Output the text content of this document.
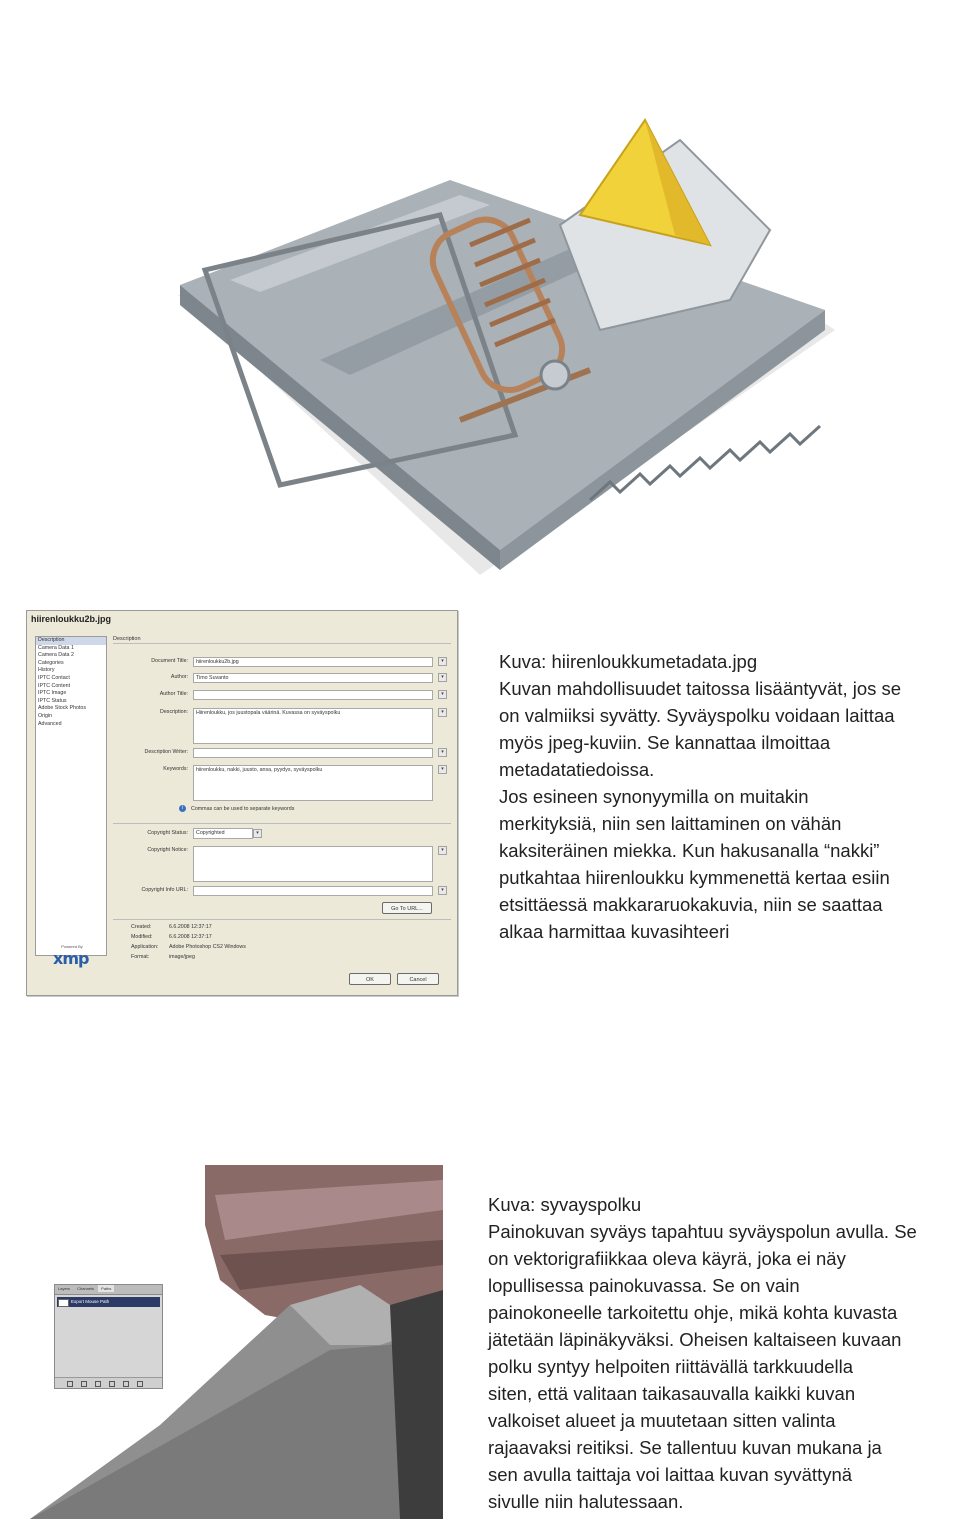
hiirenloukku2b.jpg
Description
Camera Data 1
Camera Data 2
Categories
History
IPTC Contact
IPTC Content
IPTC Image
IPTC Status
Adobe Stock Photos
Origin
Advanced
Description
Document Title:	hiirenloukku2b.jpg	▾
Author:	Timo Suvanto	▾
Author Title:	▾
Description:	Hiirenloukku, jos juustopala väärinä. Kuvassa on syväyspolku	▾
Description Writer:	▾
Keywords:	hiirenloukku, nakki, juusto, ansa, pyydys, syväyspolku	▾
i	Commas can be used to separate keywords
Copyright Status:	Copyrighted	▾
Copyright Notice:	▾
Copyright Info URL:	▾
Go To URL...
Created:	6.6.2008 12:37:17
Modified:	6.6.2008 12:37:17
Application: Adobe Photoshop CS2 Windows
Format:	image/jpeg
Powered By
xmp
OK	Cancel
Kuva: hiirenloukkumetadata.jpg
Kuvan mahdollisuudet taitossa lisääntyvät, jos se
on valmiiksi syvätty. Syväyspolku voidaan laittaa
myös jpeg-kuviin. Se kannattaa ilmoittaa
metadatatiedoissa.
Jos esineen synonyymilla on muitakin
merkityksiä, niin sen laittaminen on vähän
kaksiteräinen miekka. Kun hakusanalla “nakki”
putkahtaa hiirenloukku kymmenettä kertaa esiin
etsittäessä makkararuokakuvia, niin se saattaa
alkaa harmittaa kuvasihteeri
Layers Channels Paths
Export Mouse Path
Kuva: syvayspolku
Painokuvan syväys tapahtuu syväyspolun avulla. Se
on vektorigrafiikkaa oleva käyrä, joka ei näy
lopullisessa painokuvassa. Se on vain
painokoneelle tarkoitettu ohje, mikä kohta kuvasta
jätetään läpinäkyväksi. Oheisen kaltaiseen kuvaan
polku syntyy helpoiten riittävällä tarkkuudella
siten, että valitaan taikasauvalla kaikki kuvan
valkoiset alueet ja muutetaan sitten valinta
rajaavaksi reitiksi. Se tallentuu kuvan mukana ja
sen avulla taittaja voi laittaa kuvan syvättynä
sivulle niin halutessaan.
